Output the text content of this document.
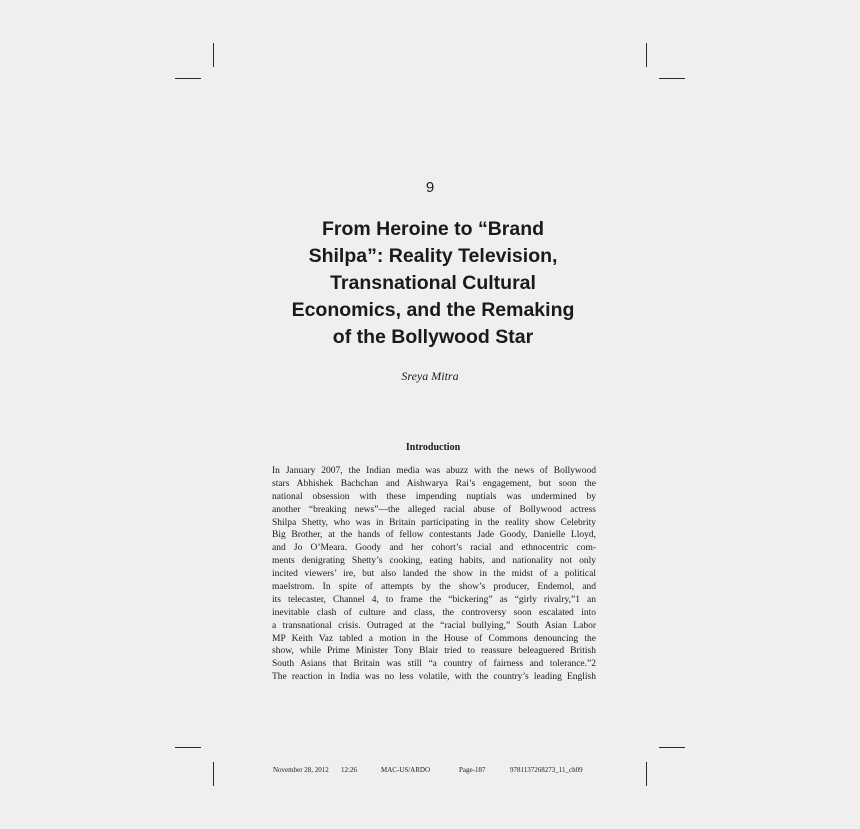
9
From Heroine to “Brand
Shilpa”: Reality Television,
Transnational Cultural
Economics, and the Remaking
of the Bollywood Star
Sreya Mitra
Introduction
In January 2007, the Indian media was abuzz with the news of Bollywood
stars Abhishek Bachchan and Aishwarya Rai’s engagement, but soon the
national obsession with these impending nuptials was undermined by
another “breaking news”—the alleged racial abuse of Bollywood actress
Shilpa Shetty, who was in Britain participating in the reality show Celebrity
Big Brother, at the hands of fellow contestants Jade Goody, Danielle Lloyd,
and Jo O’Meara. Goody and her cohort’s racial and ethnocentric com-
ments denigrating Shetty’s cooking, eating habits, and nationality not only
incited viewers’ ire, but also landed the show in the midst of a political
maelstrom. In spite of attempts by the show’s producer, Endemol, and
its telecaster, Channel 4, to frame the “bickering” as “girly rivalry,”1 an
inevitable clash of culture and class, the controversy soon escalated into
a transnational crisis. Outraged at the “racial bullying,” South Asian Labor
MP Keith Vaz tabled a motion in the House of Commons denouncing the
show, while Prime Minister Tony Blair tried to reassure beleaguered British
South Asians that Britain was still “a country of fairness and tolerance.”2
The reaction in India was no less volatile, with the country’s leading English
November 28, 2012 12:26	MAC-US/ARDO	Page-187	9781137268273_11_ch09
